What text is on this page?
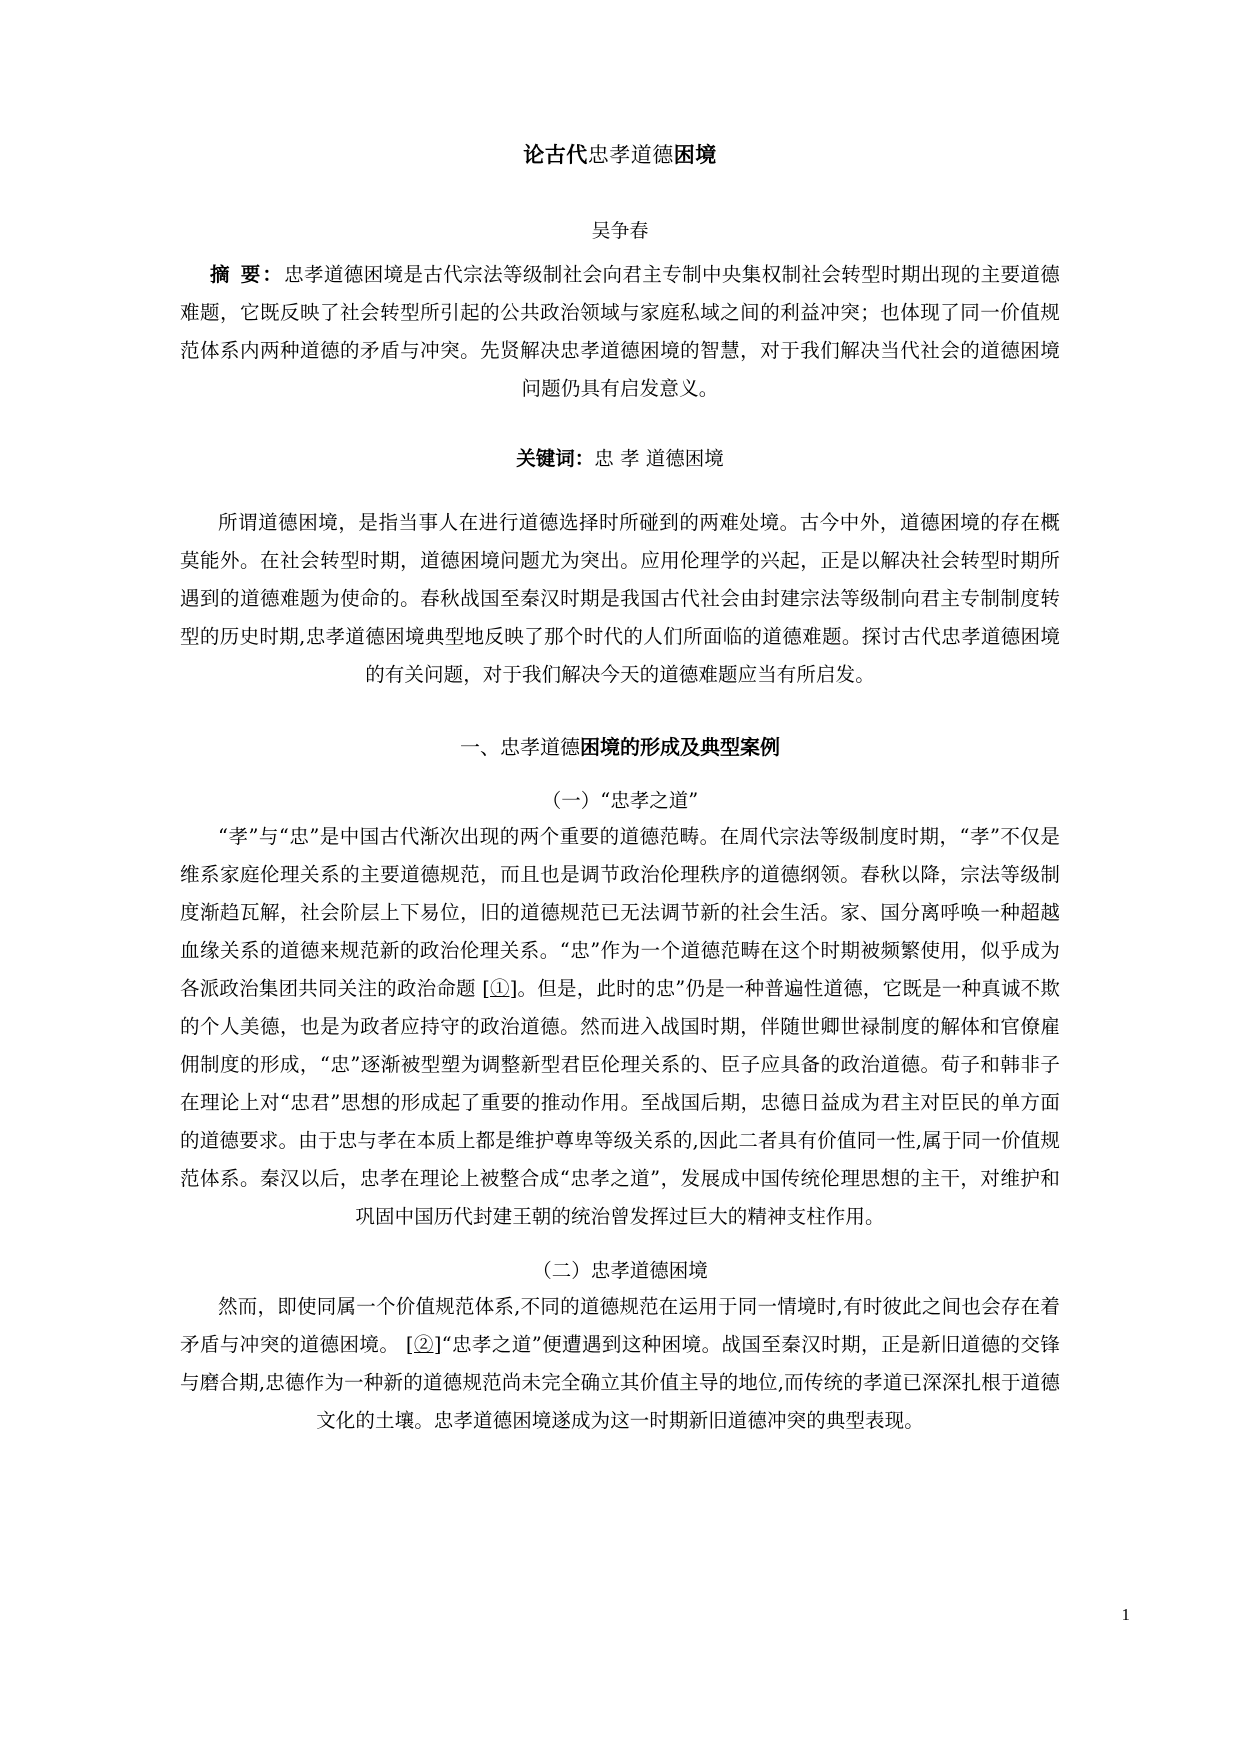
论古代忠孝道德困境
吴争春
摘 要：忠孝道德困境是古代宗法等级制社会向君主专制中央集权制社会转型时期出现的主要道德难题，它既反映了社会转型所引起的公共政治领域与家庭私域之间的利益冲突；也体现了同一价值规范体系内两种道德的矛盾与冲突。先贤解决忠孝道德困境的智慧，对于我们解决当代社会的道德困境问题仍具有启发意义。
关键词：忠 孝 道德困境

所谓道德困境，是指当事人在进行道德选择时所碰到的两难处境。古今中外，道德困境的存在概莫能外。在社会转型时期，道德困境问题尤为突出。应用伦理学的兴起，正是以解决社会转型时期所遇到的道德难题为使命的。春秋战国至秦汉时期是我国古代社会由封建宗法等级制向君主专制制度转型的历史时期,忠孝道德困境典型地反映了那个时代的人们所面临的道德难题。探讨古代忠孝道德困境的有关问题，对于我们解决今天的道德难题应当有所启发。

一、忠孝道德困境的形成及典型案例
（一）“忠孝之道”

“孝”与“忠”是中国古代渐次出现的两个重要的道德范畴。在周代宗法等级制度时期，“孝”不仅是维系家庭伦理关系的主要道德规范，而且也是调节政治伦理秩序的道德纲领。春秋以降，宗法等级制度渐趋瓦解，社会阶层上下易位，旧的道德规范已无法调节新的社会生活。家、国分离呼唤一种超越血缘关系的道德来规范新的政治伦理关系。“忠”作为一个道德范畴在这个时期被频繁使用，似乎成为各派政治集团共同关注的政治命题 [①]。但是，此时的忠”仍是一种普遍性道德，它既是一种真诚不欺的个人美德，也是为政者应持守的政治道德。然而进入战国时期，伴随世卿世禄制度的解体和官僚雇佣制度的形成，“忠”逐渐被型塑为调整新型君臣伦理关系的、臣子应具备的政治道德。荀子和韩非子在理论上对“忠君”思想的形成起了重要的推动作用。至战国后期，忠德日益成为君主对臣民的单方面的道德要求。由于忠与孝在本质上都是维护尊卑等级关系的,因此二者具有价值同一性,属于同一价值规范体系。秦汉以后，忠孝在理论上被整合成“忠孝之道”，发展成中国传统伦理思想的主干，对维护和巩固中国历代封建王朝的统治曾发挥过巨大的精神支柱作用。

（二）忠孝道德困境

然而，即使同属一个价值规范体系,不同的道德规范在运用于同一情境时,有时彼此之间也会存在着矛盾与冲突的道德困境。 [②]“忠孝之道”便遭遇到这种困境。战国至秦汉时期，正是新旧道德的交锋与磨合期,忠德作为一种新的道德规范尚未完全确立其价值主导的地位,而传统的孝道已深深扎根于道德文化的土壤。忠孝道德困境遂成为这一时期新旧道德冲突的典型表现。

1
